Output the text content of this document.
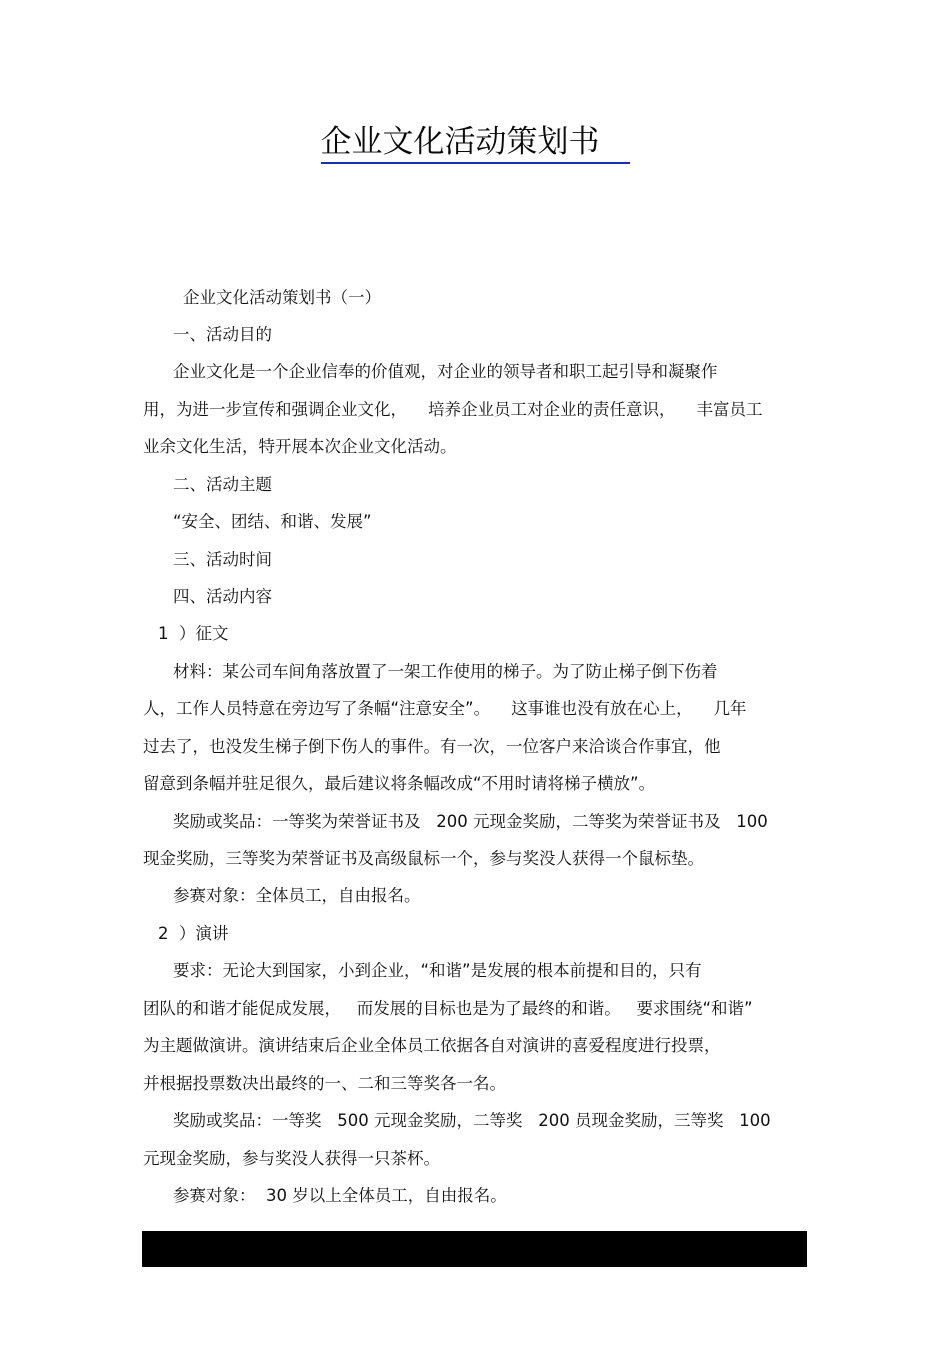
企业文化活动策划书
企业文化活动策划书（一）
一、活动目的
企业文化是一个企业信奉的价值观，对企业的领导者和职工起引导和凝聚作
用，为进一步宣传和强调企业文化，    培养企业员工对企业的责任意识，    丰富员工
业余文化生活，特开展本次企业文化活动。
二、活动主题
“安全、团结、和谐、发展”
三、活动时间
四、活动内容
1  ）征文
材料：某公司车间角落放置了一架工作使用的梯子。为了防止梯子倒下伤着
人，工作人员特意在旁边写了条幅“注意安全”。    这事谁也没有放在心上，    几年
过去了，也没发生梯子倒下伤人的事件。有一次，一位客户来洽谈合作事宜，他
留意到条幅并驻足很久，最后建议将条幅改成“不用时请将梯子横放”。
奖励或奖品：一等奖为荣誉证书及   200 元现金奖励，二等奖为荣誉证书及   100
现金奖励，三等奖为荣誉证书及高级鼠标一个，参与奖没人获得一个鼠标垫。
参赛对象：全体员工，自由报名。
2  ）演讲
要求：无论大到国家，小到企业，“和谐”是发展的根本前提和目的，只有
团队的和谐才能促成发展，   而发展的目标也是为了最终的和谐。   要求围绕“和谐”
为主题做演讲。演讲结束后企业全体员工依据各自对演讲的喜爱程度进行投票，
并根据投票数决出最终的一、二和三等奖各一名。
奖励或奖品：一等奖   500 元现金奖励，二等奖   200 员现金奖励，三等奖   100
元现金奖励，参与奖没人获得一只茶杯。
参赛对象：  30 岁以上全体员工，自由报名。
